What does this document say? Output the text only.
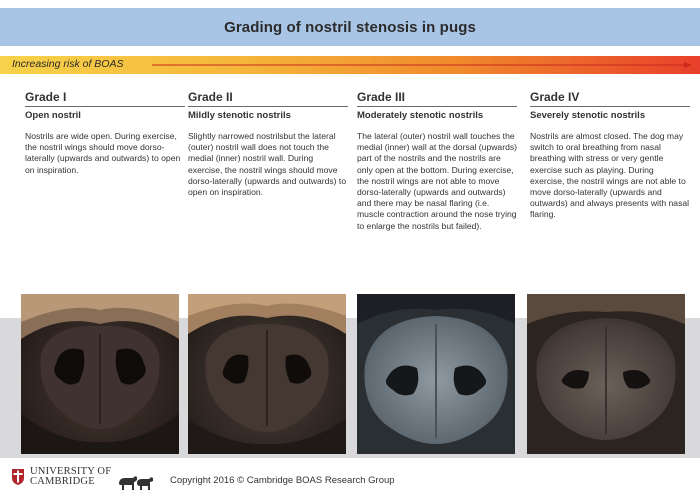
Grading of nostril stenosis in pugs
Increasing risk of BOAS
Grade I
Open nostril
Nostrils are wide open. During exercise, the nostril wings should move dorso-laterally (upwards and outwards) to open on inspiration.
Grade II
Mildly stenotic nostrils
Slightly narrowed nostrilsbut the lateral (outer) nostril wall does not touch the medial (inner) nostril wall. During exercise, the nostril wings should move dorso-laterally (upwards and outwards) to open on inspiration.
Grade III
Moderately stenotic nostrils
The lateral (outer) nostril wall touches the medial (inner) wall at the dorsal (upwards) part of the nostrils and the nostrils are only open at the bottom. During exercise, the nostril wings are not able to move dorso-laterally (upwards and outwards) and there may be nasal flaring (i.e. muscle contraction around the nose trying to enlarge the nostrils but failed).
Grade IV
Severely stenotic nostrils
Nostrils are almost closed. The dog may switch to oral breathing from nasal breathing with stress or very gentle exercise such as playing. During exercise, the nostril wings are not able to move dorso-laterally (upwards and outwards) and always presents with nasal flaring.
UNIVERSITY OF
CAMBRIDGE	Copyright 2016 © Cambridge BOAS Research Group
